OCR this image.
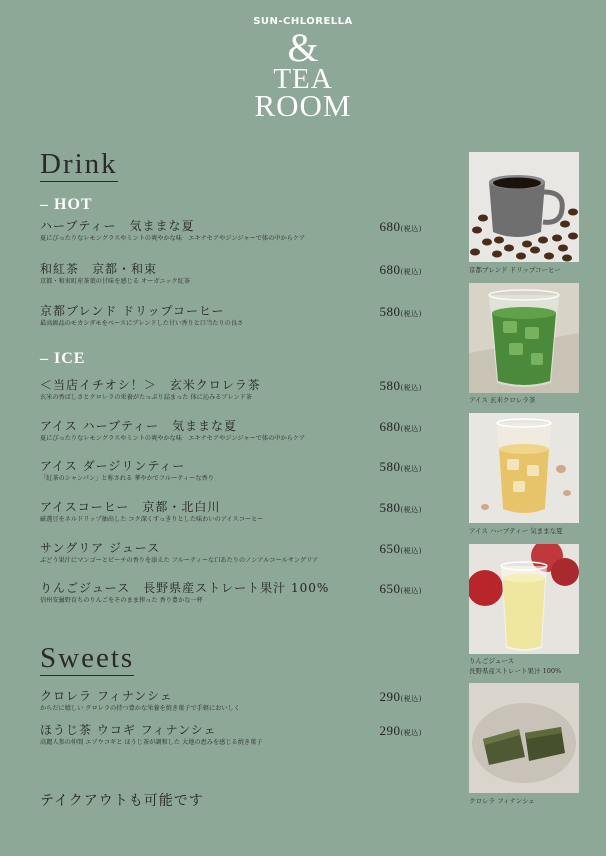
SUN-CHLORELLA
&
TEA
ROOM
Drink
– HOT
ハーブティー　気ままな夏
夏にぴったりなレモングラスやミントの爽やかな味　エキナセアやジンジャーで体の中からケア
680(税込)
和紅茶　京都・和束
京都・和束町産茶葉の甘味を感じる オーガニック紅茶
680(税込)
京都ブレンド ドリップコーヒー
最高級品のモカシダモをベースにブレンドした甘い香りと口当たりの良さ
580(税込)
– ICE
＜当店イチオシ！＞　玄米クロレラ茶
玄米の香ばしさとクロレラの栄養がたっぷり詰まった 体に沁みるブレンド茶
580(税込)
アイス ハーブティー　気ままな夏
夏にぴったりなレモングラスやミントの爽やかな味　エキナセアやジンジャーで体の中からケア
680(税込)
アイス ダージリンティー
「紅茶のシャンパン」と称される 華やかでフルーティーな香り
580(税込)
アイスコーヒー　京都・北白川
厳選豆をネルドリップ抽出した コク深くすっきりとした味わいのアイスコーヒー
580(税込)
サングリア ジュース
ぶどう果汁にマンゴーとピーチの香りを添えた フルーティーな口あたりのノンアルコールサングリア
650(税込)
りんごジュース　長野県産ストレート果汁 100%
信州安曇野育ちのりんごをそのまま搾った 香り豊かな一杯
650(税込)
Sweets
クロレラ フィナンシェ
からだに嬉しい クロレラの持つ豊かな栄養を焼き菓子で手軽においしく
290(税込)
ほうじ茶 ウコギ フィナンシェ
高麗人参の仲間 エゾウコギと ほうじ茶が調和した 大地の恵みを感じる焼き菓子
290(税込)
テイクアウトも可能です
京都ブレンド ドリップコーヒー
アイス 玄米クロレラ茶
アイス ハーブティー 気ままな夏
りんごジュース
長野県産ストレート果汁 100%
クロレラ フィナンシェ
